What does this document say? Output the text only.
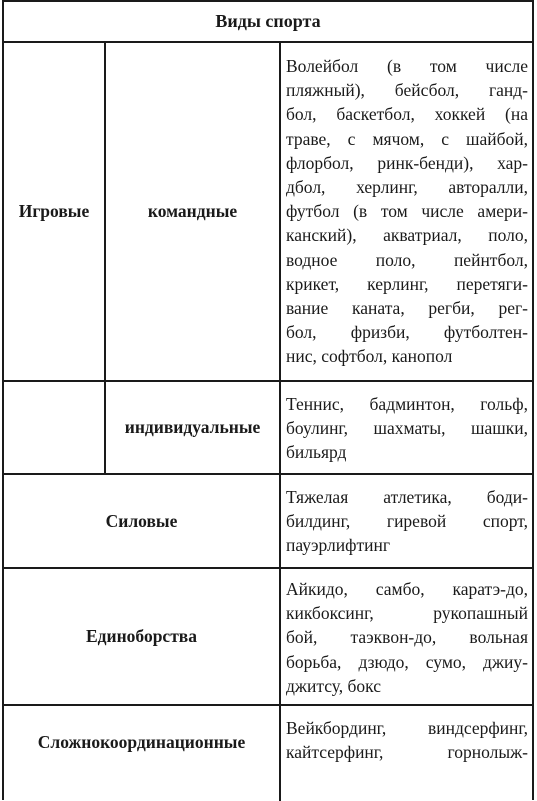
Виды спорта
Игровые	командные
Волейбол (в том числе
пляжный), бейсбол, ганд-
бол, баскетбол, хоккей (на
траве, с мячом, с шайбой,
флорбол, ринк-бенди), хар-
дбол, херлинг, авторалли,
футбол (в том числе амери-
канский), акватриал, поло,
водное поло, пейнтбол,
крикет, керлинг, перетяги-
вание каната, регби, рег-
бол, фризби, футболтен-
нис, софтбол, канопол
индивидуальные
Теннис, бадминтон, гольф,
боулинг, шахматы, шашки,
бильярд
Силовые
Тяжелая атлетика, боди-
билдинг, гиревой спорт,
пауэрлифтинг
Единоборства
Айкидо, самбо, каратэ-до,
кикбоксинг, рукопашный
бой, таэквон-до, вольная
борьба, дзюдо, сумо, джиу-
джитсу, бокс
Сложнокоординационные
Вейкбординг, виндсерфинг,
кайтсерфинг, горнолыж-
